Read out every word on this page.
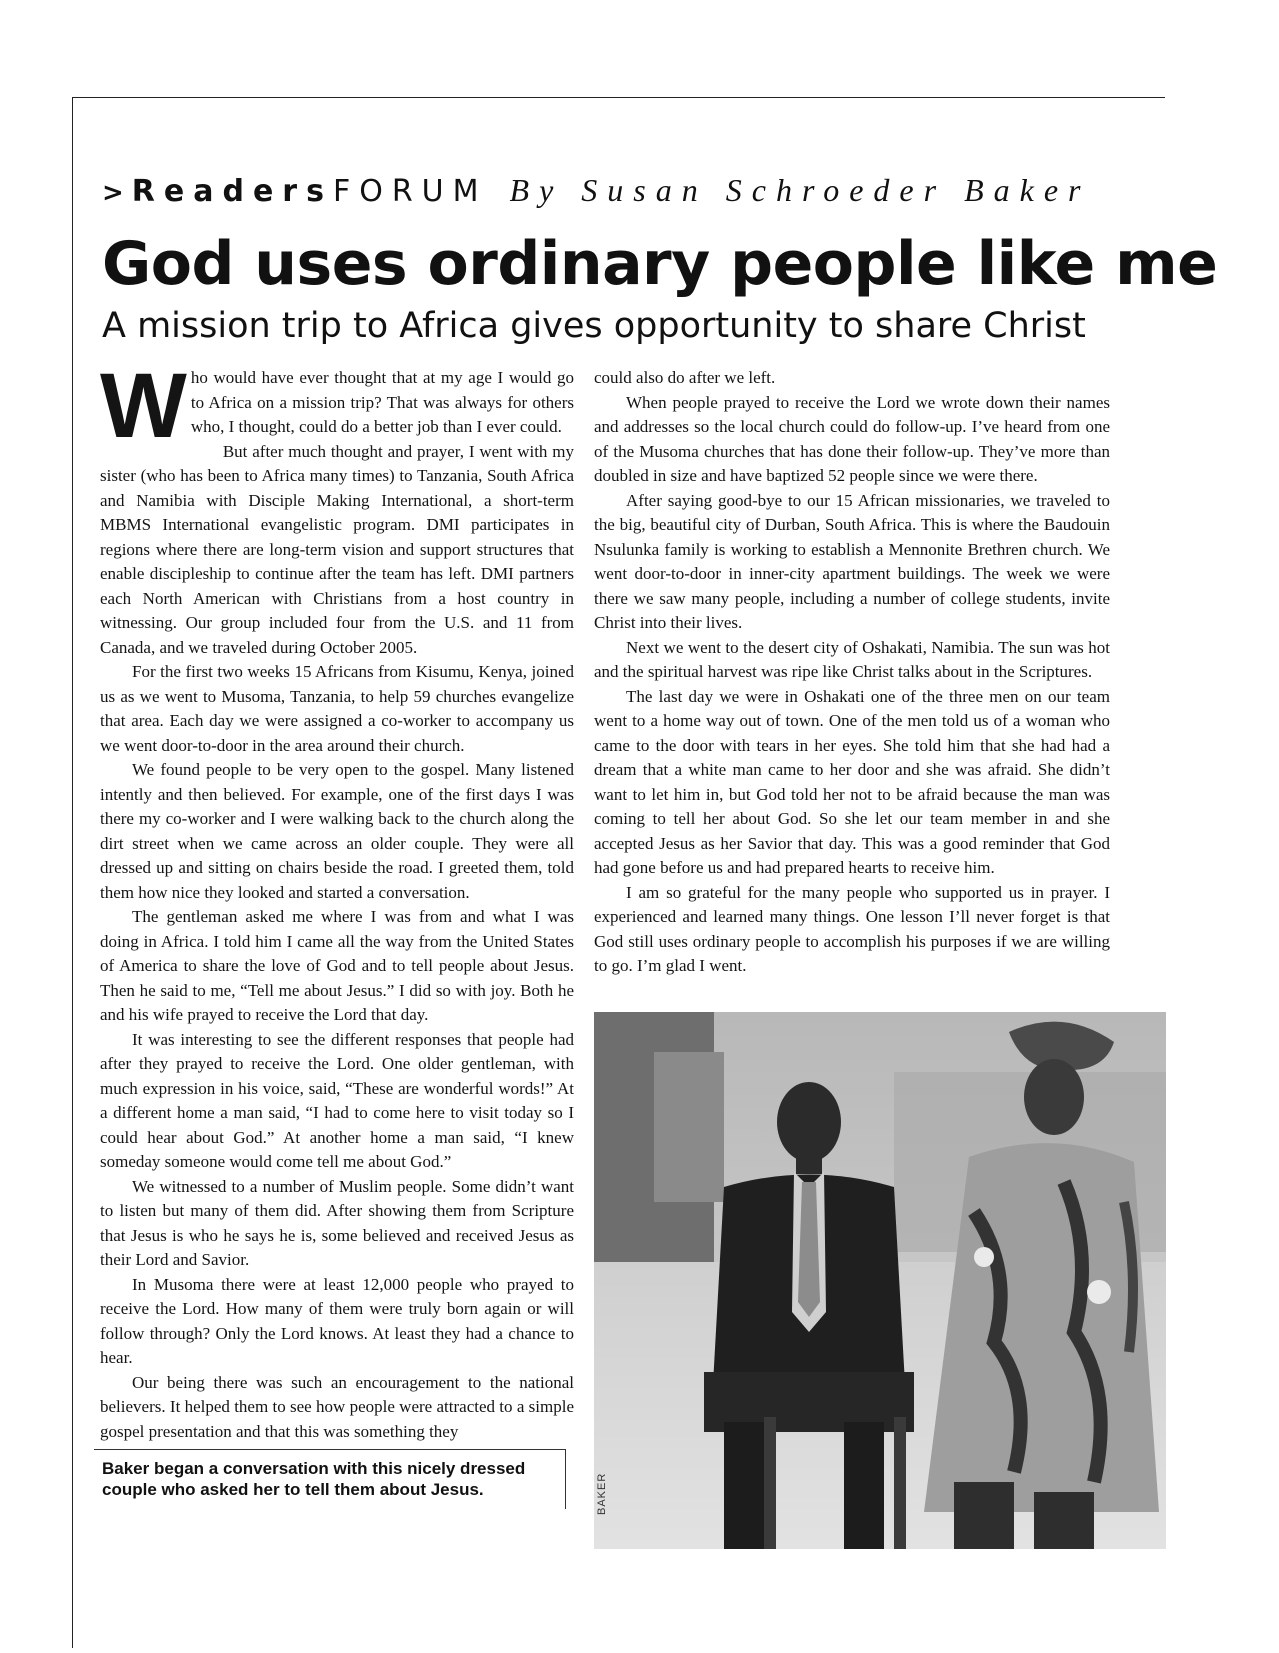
> Readers FORUM By Susan Schroeder Baker
God uses ordinary people like me
A mission trip to Africa gives opportunity to share Christ

Who would have ever thought that at my age I would go to Africa on a mission trip? That was always for others who, I thought, could do a better job than I ever could.

But after much thought and prayer, I went with my sister (who has been to Africa many times) to Tanzania, South Africa and Namibia with Disciple Making International, a short-term MBMS International evangelistic program. DMI participates in regions where there are long-term vision and support structures that enable discipleship to continue after the team has left. DMI partners each North American with Christians from a host country in witnessing. Our group included four from the U.S. and 11 from Canada, and we traveled during October 2005.

For the first two weeks 15 Africans from Kisumu, Kenya, joined us as we went to Musoma, Tanzania, to help 59 churches evangelize that area. Each day we were assigned a co-worker to accompany us we went door-to-door in the area around their church.

We found people to be very open to the gospel. Many listened intently and then believed. For example, one of the first days I was there my co-worker and I were walking back to the church along the dirt street when we came across an older couple. They were all dressed up and sitting on chairs beside the road. I greeted them, told them how nice they looked and started a conversation.

The gentleman asked me where I was from and what I was doing in Africa. I told him I came all the way from the United States of America to share the love of God and to tell people about Jesus. Then he said to me, “Tell me about Jesus.” I did so with joy. Both he and his wife prayed to receive the Lord that day.

It was interesting to see the different responses that people had after they prayed to receive the Lord. One older gentleman, with much expression in his voice, said, “These are wonderful words!” At a different home a man said, “I had to come here to visit today so I could hear about God.” At another home a man said, “I knew someday someone would come tell me about God.”

We witnessed to a number of Muslim people. Some didn’t want to listen but many of them did. After showing them from Scripture that Jesus is who he says he is, some believed and received Jesus as their Lord and Savior.

In Musoma there were at least 12,000 people who prayed to receive the Lord. How many of them were truly born again or will follow through? Only the Lord knows. At least they had a chance to hear.

Our being there was such an encouragement to the national believers. It helped them to see how people were attracted to a simple gospel presentation and that this was something they

could also do after we left.

When people prayed to receive the Lord we wrote down their names and addresses so the local church could do follow-up. I’ve heard from one of the Musoma churches that has done their follow-up. They’ve more than doubled in size and have baptized 52 people since we were there.

After saying good-bye to our 15 African missionaries, we traveled to the big, beautiful city of Durban, South Africa. This is where the Baudouin Nsulunka family is working to establish a Mennonite Brethren church. We went door-to-door in inner-city apartment buildings. The week we were there we saw many people, including a number of college students, invite Christ into their lives.

Next we went to the desert city of Oshakati, Namibia. The sun was hot and the spiritual harvest was ripe like Christ talks about in the Scriptures.

The last day we were in Oshakati one of the three men on our team went to a home way out of town. One of the men told us of a woman who came to the door with tears in her eyes. She told him that she had had a dream that a white man came to her door and she was afraid. She didn’t want to let him in, but God told her not to be afraid because the man was coming to tell her about God. So she let our team member in and she accepted Jesus as her Savior that day. This was a good reminder that God had gone before us and had prepared hearts to receive him.

I am so grateful for the many people who supported us in prayer. I experienced and learned many things. One lesson I’ll never forget is that God still uses ordinary people to accomplish his purposes if we are willing to go. I’m glad I went.

BAKER
Baker began a conversation with this nicely dressed couple who asked her to tell them about Jesus.
